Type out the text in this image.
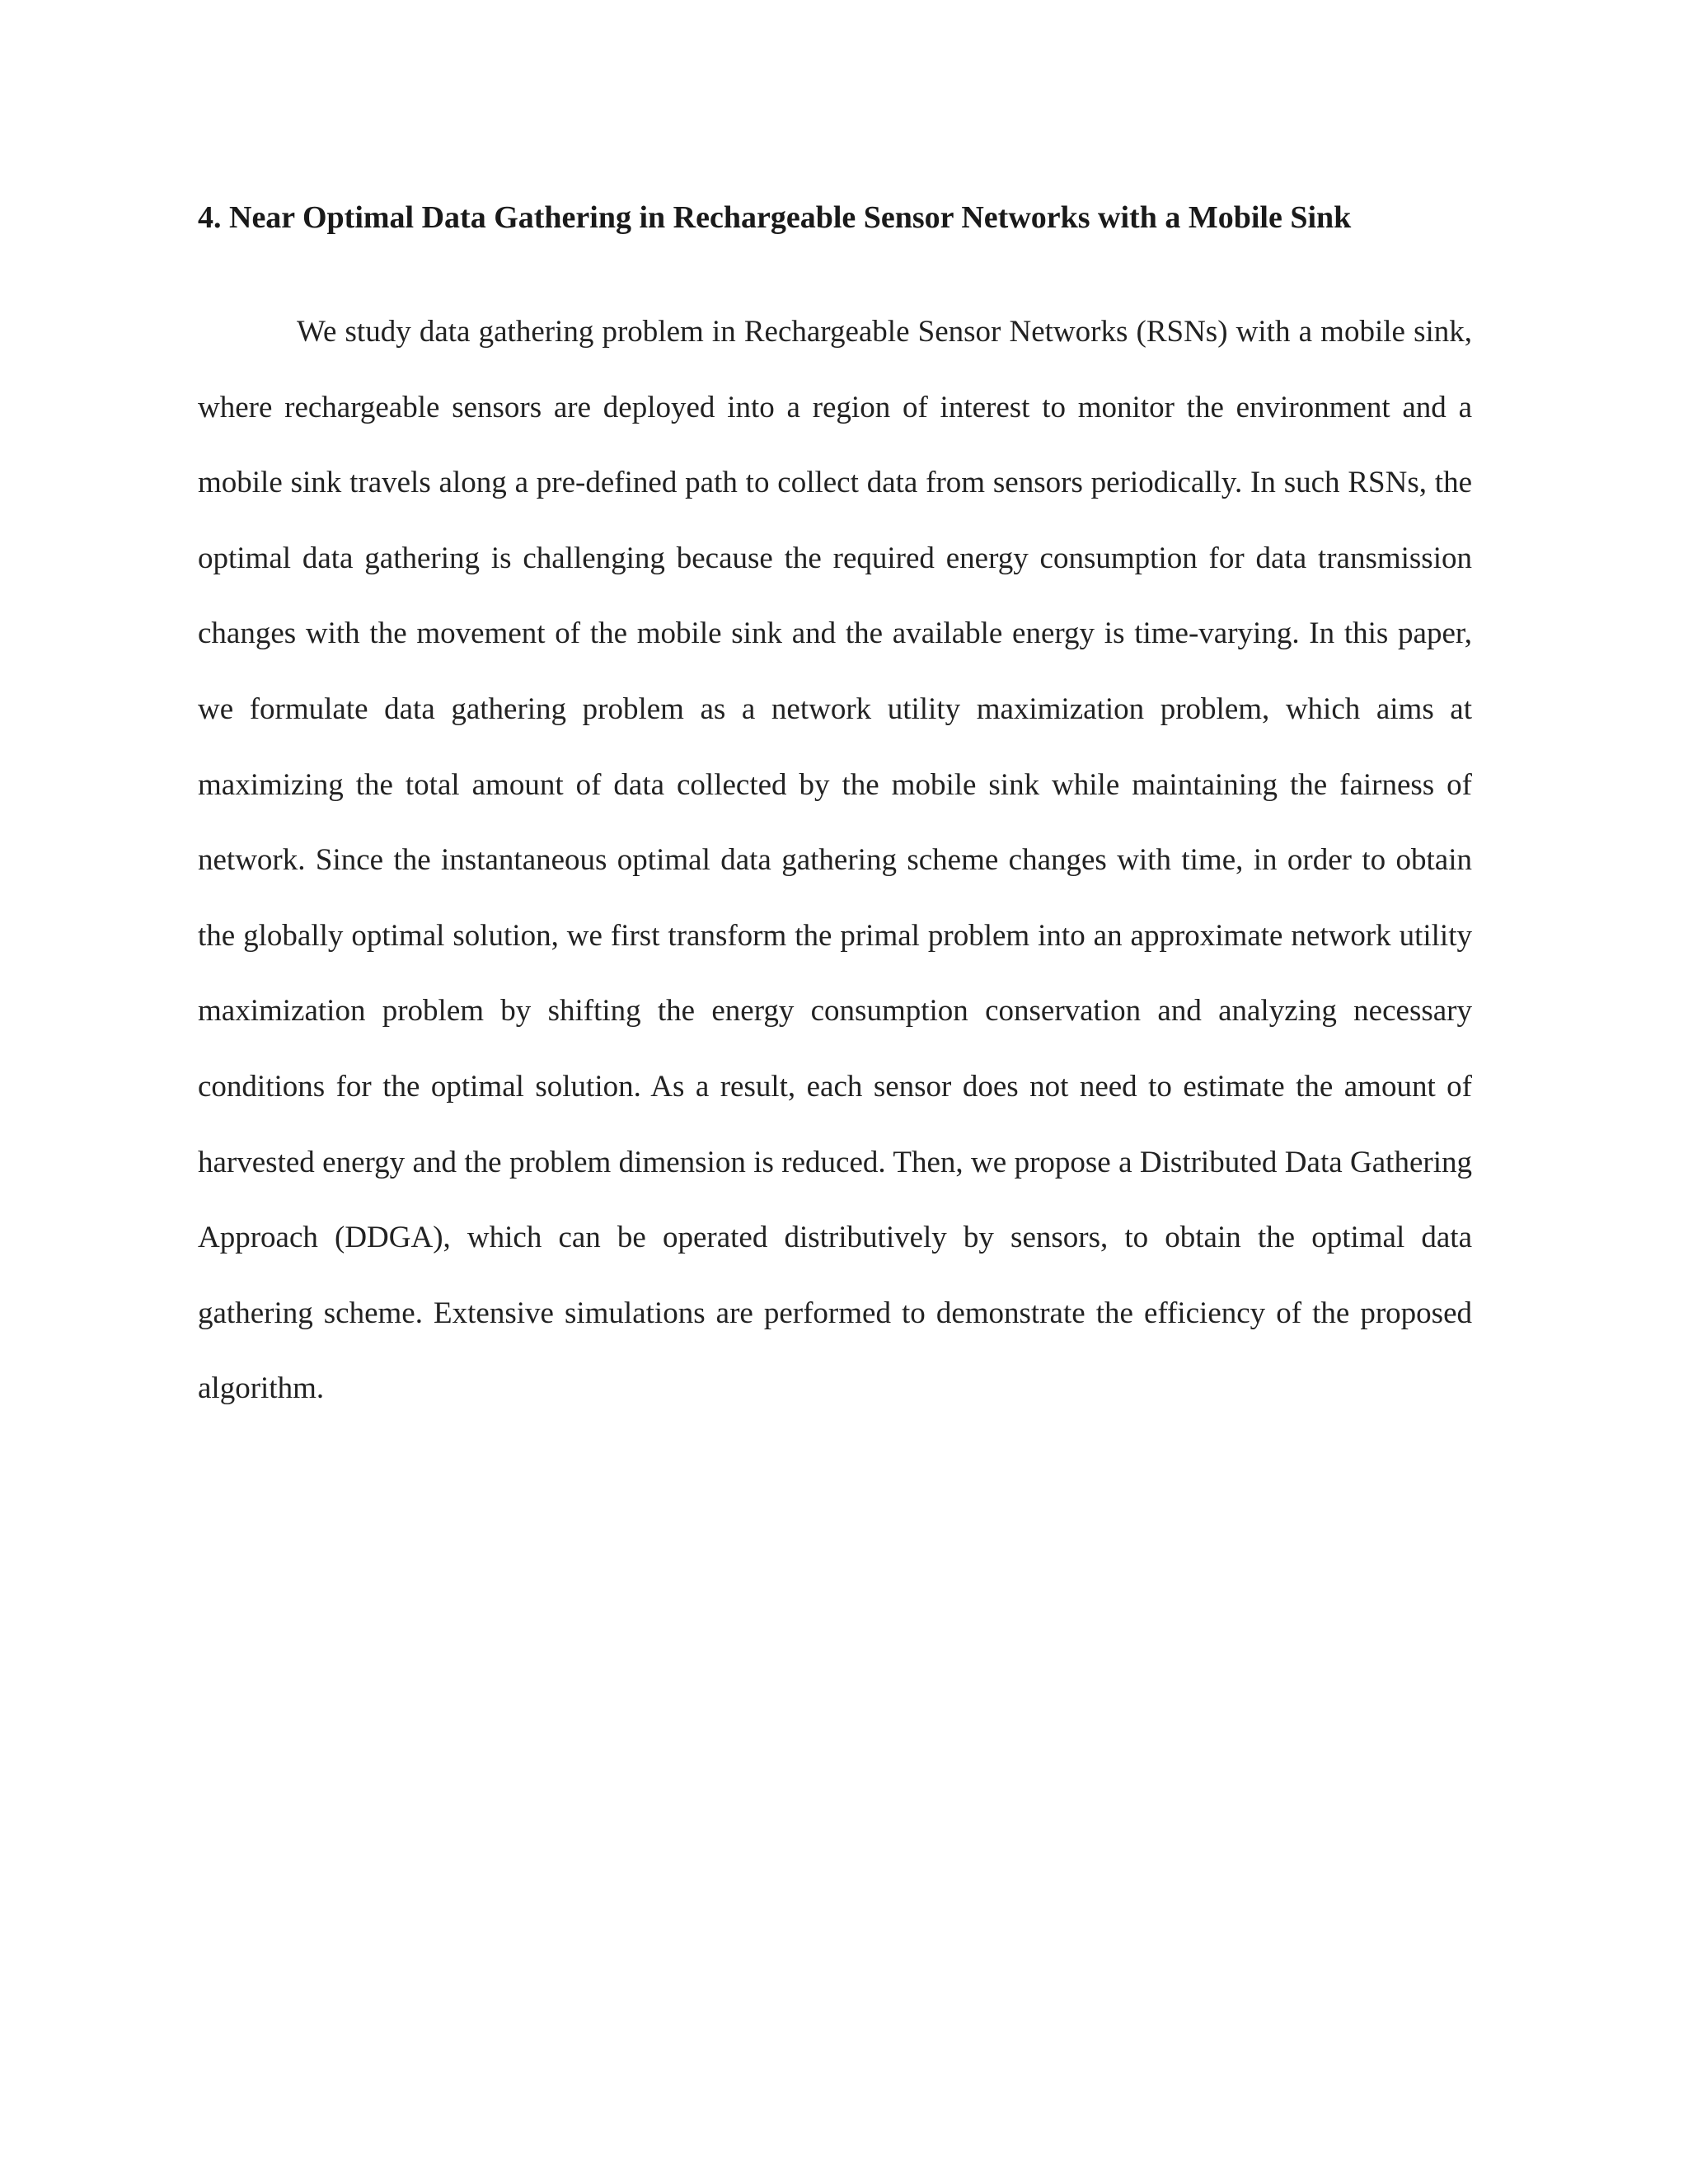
4. Near Optimal Data Gathering in Rechargeable Sensor Networks with a Mobile Sink

We study data gathering problem in Rechargeable Sensor Networks (RSNs) with a mobile sink, where rechargeable sensors are deployed into a region of interest to monitor the environment and a mobile sink travels along a pre-defined path to collect data from sensors periodically. In such RSNs, the optimal data gathering is challenging because the required energy consumption for data transmission changes with the movement of the mobile sink and the available energy is time-varying. In this paper, we formulate data gathering problem as a network utility maximization problem, which aims at maximizing the total amount of data collected by the mobile sink while maintaining the fairness of network. Since the instantaneous optimal data gathering scheme changes with time, in order to obtain the globally optimal solution, we first transform the primal problem into an approximate network utility maximization problem by shifting the energy consumption conservation and analyzing necessary conditions for the optimal solution. As a result, each sensor does not need to estimate the amount of harvested energy and the problem dimension is reduced. Then, we propose a Distributed Data Gathering Approach (DDGA), which can be operated distributively by sensors, to obtain the optimal data gathering scheme. Extensive simulations are performed to demonstrate the efficiency of the proposed algorithm.
